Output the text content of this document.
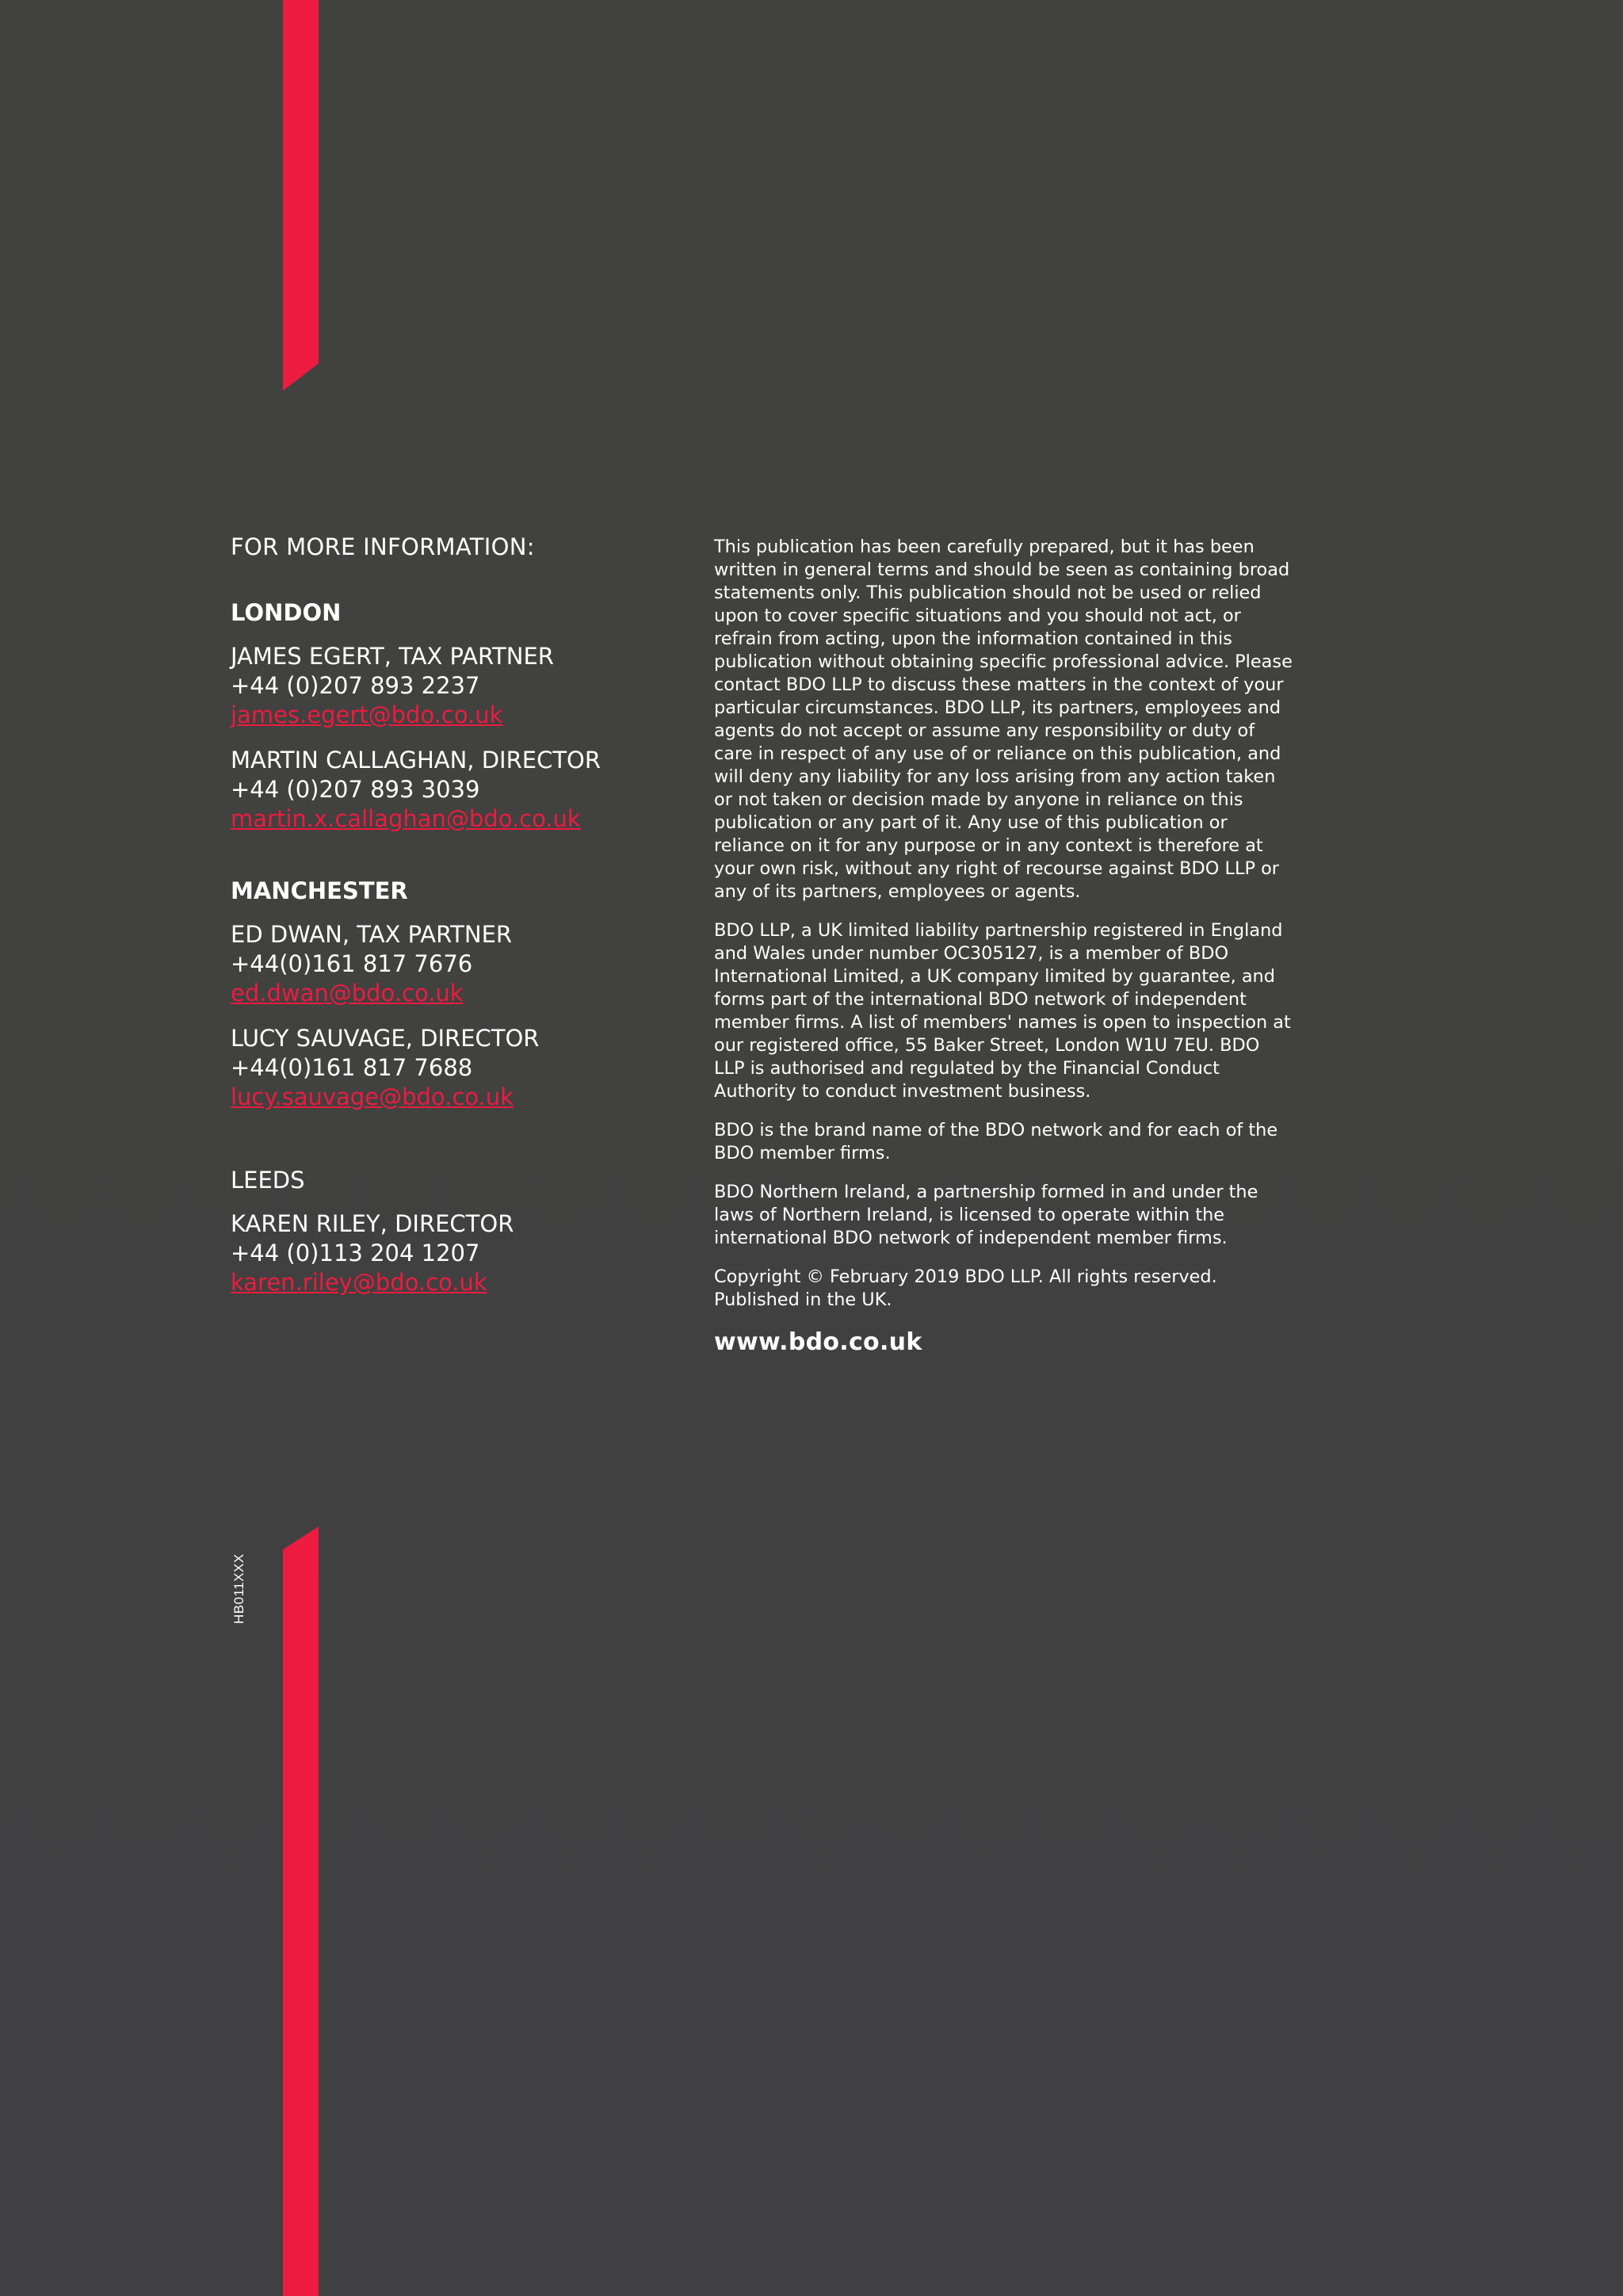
HB011XXX
FOR MORE INFORMATION:
LONDON
JAMES EGERT, TAX PARTNER
+44 (0)207 893 2237
james.egert@bdo.co.uk
MARTIN CALLAGHAN, DIRECTOR
+44 (0)207 893 3039
martin.x.callaghan@bdo.co.uk
MANCHESTER
ED DWAN, TAX PARTNER
+44(0)161 817 7676
ed.dwan@bdo.co.uk
LUCY SAUVAGE, DIRECTOR
+44(0)161 817 7688
lucy.sauvage@bdo.co.uk
LEEDS
KAREN RILEY, DIRECTOR
+44 (0)113 204 1207
karen.riley@bdo.co.uk

This publication has been carefully prepared, but it has been written in general terms and should be seen as containing broad statements only. This publication should not be used or relied upon to cover specific situations and you should not act, or refrain from acting, upon the information contained in this publication without obtaining specific professional advice. Please contact BDO LLP to discuss these matters in the context of your particular circumstances. BDO LLP, its partners, employees and agents do not accept or assume any responsibility or duty of care in respect of any use of or reliance on this publication, and will deny any liability for any loss arising from any action taken or not taken or decision made by anyone in reliance on this publication or any part of it. Any use of this publication or reliance on it for any purpose or in any context is therefore at your own risk, without any right of recourse against BDO LLP or any of its partners, employees or agents.

BDO LLP, a UK limited liability partnership registered in England and Wales under number OC305127, is a member of BDO International Limited, a UK company limited by guarantee, and forms part of the international BDO network of independent member firms. A list of members' names is open to inspection at our registered office, 55 Baker Street, London W1U 7EU. BDO LLP is authorised and regulated by the Financial Conduct Authority to conduct investment business.

BDO is the brand name of the BDO network and for each of the BDO member firms.

BDO Northern Ireland, a partnership formed in and under the laws of Northern Ireland, is licensed to operate within the international BDO network of independent member firms.

Copyright © February 2019 BDO LLP. All rights reserved. Published in the UK.

www.bdo.co.uk
